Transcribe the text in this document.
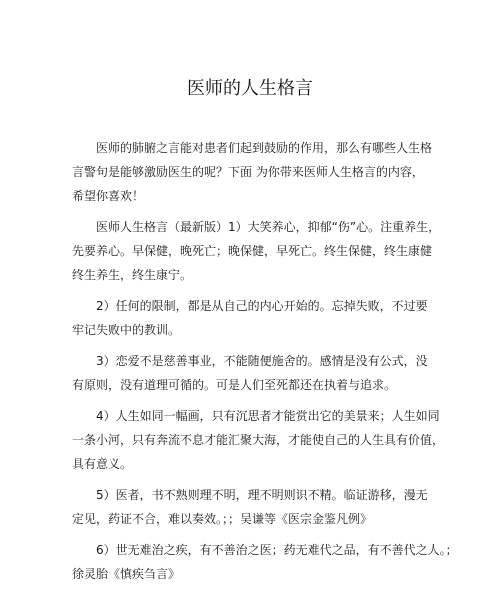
医师的人生格言
医师的肺腑之言能对患者们起到鼓励的作用，那么有哪些人生格
言警句是能够激励医生的呢？下面 为你带来医师人生格言的内容，
希望你喜欢！
医师人生格言（最新版）1）大笑养心，抑郁“伤”心。注重养生，
先要养心。早保健，晚死亡；晚保健，早死亡。终生保健，终生康健
终生养生，终生康宁。
2）任何的限制，都是从自己的内心开始的。忘掉失败，不过要
牢记失败中的教训。
3）恋爱不是慈善事业，不能随便施舍的。感情是没有公式，没
有原则，没有道理可循的。可是人们至死都还在执着与追求。
4）人生如同一幅画，只有沉思者才能赏出它的美景来；人生如同
一条小河，只有奔流不息才能汇聚大海，才能使自己的人生具有价值，
具有意义。
5）医者，书不熟则理不明，理不明则识不精。临证游移，漫无
定见，药证不合，难以奏效。；；吴谦等《医宗金鉴凡例》
6）世无难治之疾，有不善治之医；药无难代之品，有不善代之人。；
徐灵胎《慎疾刍言》
